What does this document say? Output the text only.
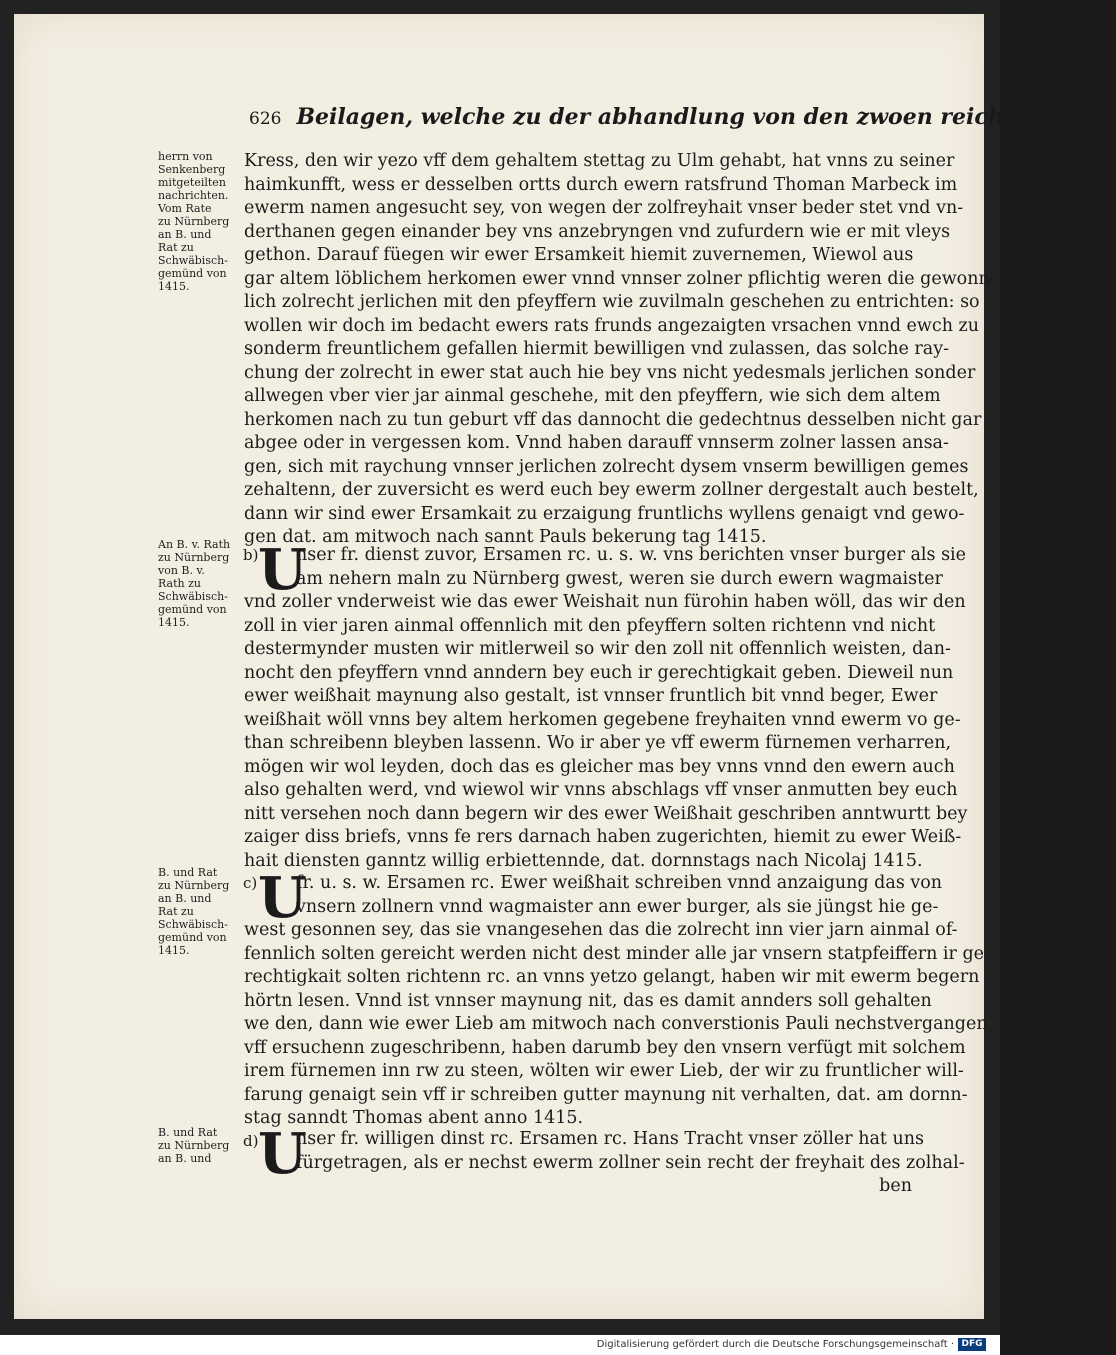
626 Beilagen, welche zu der abhandlung von den zwoen reichsmessen,
herrn von
Senkenberg
mitgeteilten
nachrichten.
Vom Rate
zu Nürnberg
an B. und
Rat zu
Schwäbisch-
gemünd von
1415.
An B. v. Rath
zu Nürnberg
von B. v.
Rath zu
Schwäbisch-
gemünd von
1415.
B. und Rat
zu Nürnberg
an B. und
Rat zu
Schwäbisch-
gemünd von
1415.
B. und Rat
zu Nürnberg
an B. und
Kress, den wir yezo vff dem gehaltem stettag zu Ulm gehabt, hat vnns zu seiner
haimkunfft, wess er desselben ortts durch ewern ratsfrund Thoman Marbeck im
ewerm namen angesucht sey, von wegen der zolfreyhait vnser beder stet vnd vn-
derthanen gegen einander bey vns anzebryngen vnd zufurdern wie er mit vleys
gethon. Darauf füegen wir ewer Ersamkeit hiemit zuvernemen, Wiewol aus
gar altem löblichem herkomen ewer vnnd vnnser zolner pflichtig weren die gewonn-
lich zolrecht jerlichen mit den pfeyffern wie zuvilmaln geschehen zu entrichten: so
wollen wir doch im bedacht ewers rats frunds angezaigten vrsachen vnnd ewch zu
sonderm freuntlichem gefallen hiermit bewilligen vnd zulassen, das solche ray-
chung der zolrecht in ewer stat auch hie bey vns nicht yedesmals jerlichen sonder
allwegen vber vier jar ainmal geschehe, mit den pfeyffern, wie sich dem altem
herkomen nach zu tun geburt vff das dannocht die gedechtnus desselben nicht gar
abgee oder in vergessen kom. Vnnd haben darauff vnnserm zolner lassen ansa-
gen, sich mit raychung vnnser jerlichen zolrecht dysem vnserm bewilligen gemes
zehaltenn, der zuversicht es werd euch bey ewerm zollner dergestalt auch bestelt,
dann wir sind ewer Ersamkait zu erzaigung fruntlichs wyllens genaigt vnd gewo-
gen dat. am mitwoch nach sannt Pauls bekerung tag 1415.
b) U
nser fr. dienst zuvor, Ersamen rc. u. s. w. vns berichten vnser burger als sie
am nehern maln zu Nürnberg gwest, weren sie durch ewern wagmaister
vnd zoller vnderweist wie das ewer Weishait nun fürohin haben wöll, das wir den
zoll in vier jaren ainmal offennlich mit den pfeyffern solten richtenn vnd nicht
destermynder musten wir mitlerweil so wir den zoll nit offennlich weisten, dan-
nocht den pfeyffern vnnd anndern bey euch ir gerechtigkait geben. Dieweil nun
ewer weißhait maynung also gestalt, ist vnnser fruntlich bit vnnd beger, Ewer
weißhait wöll vnns bey altem herkomen gegebene freyhaiten vnnd ewerm vo ge-
than schreibenn bleyben lassenn. Wo ir aber ye vff ewerm fürnemen verharren,
mögen wir wol leyden, doch das es gleicher mas bey vnns vnnd den ewern auch
also gehalten werd, vnd wiewol wir vnns abschlags vff vnser anmutten bey euch
nitt versehen noch dann begern wir des ewer Weißhait geschriben anntwurtt bey
zaiger diss briefs, vnns fe rers darnach haben zugerichten, hiemit zu ewer Weiß-
hait diensten ganntz willig erbiettennde, dat. dornnstags nach Nicolaj 1415.
c) U
fr. u. s. w. Ersamen rc. Ewer weißhait schreiben vnnd anzaigung das von
vnsern zollnern vnnd wagmaister ann ewer burger, als sie jüngst hie ge-
west gesonnen sey, das sie vnangesehen das die zolrecht inn vier jarn ainmal of-
fennlich solten gereicht werden nicht dest minder alle jar vnsern statpfeiffern ir ge-
rechtigkait solten richtenn rc. an vnns yetzo gelangt, haben wir mit ewerm begern
hörtn lesen. Vnnd ist vnnser maynung nit, das es damit annders soll gehalten
we den, dann wie ewer Lieb am mitwoch nach converstionis Pauli nechstvergangen
vff ersuchenn zugeschribenn, haben darumb bey den vnsern verfügt mit solchem
irem fürnemen inn rw zu steen, wölten wir ewer Lieb, der wir zu fruntlicher will-
farung genaigt sein vff ir schreiben gutter maynung nit verhalten, dat. am dornn-
stag sanndt Thomas abent anno 1415.
d) U
nser fr. willigen dinst rc. Ersamen rc. Hans Tracht vnser zöller hat uns
fürgetragen, als er nechst ewerm zollner sein recht der freyhait des zolhal-
ben
Digitalisierung gefördert durch die Deutsche Forschungsgemeinschaft · DFG
